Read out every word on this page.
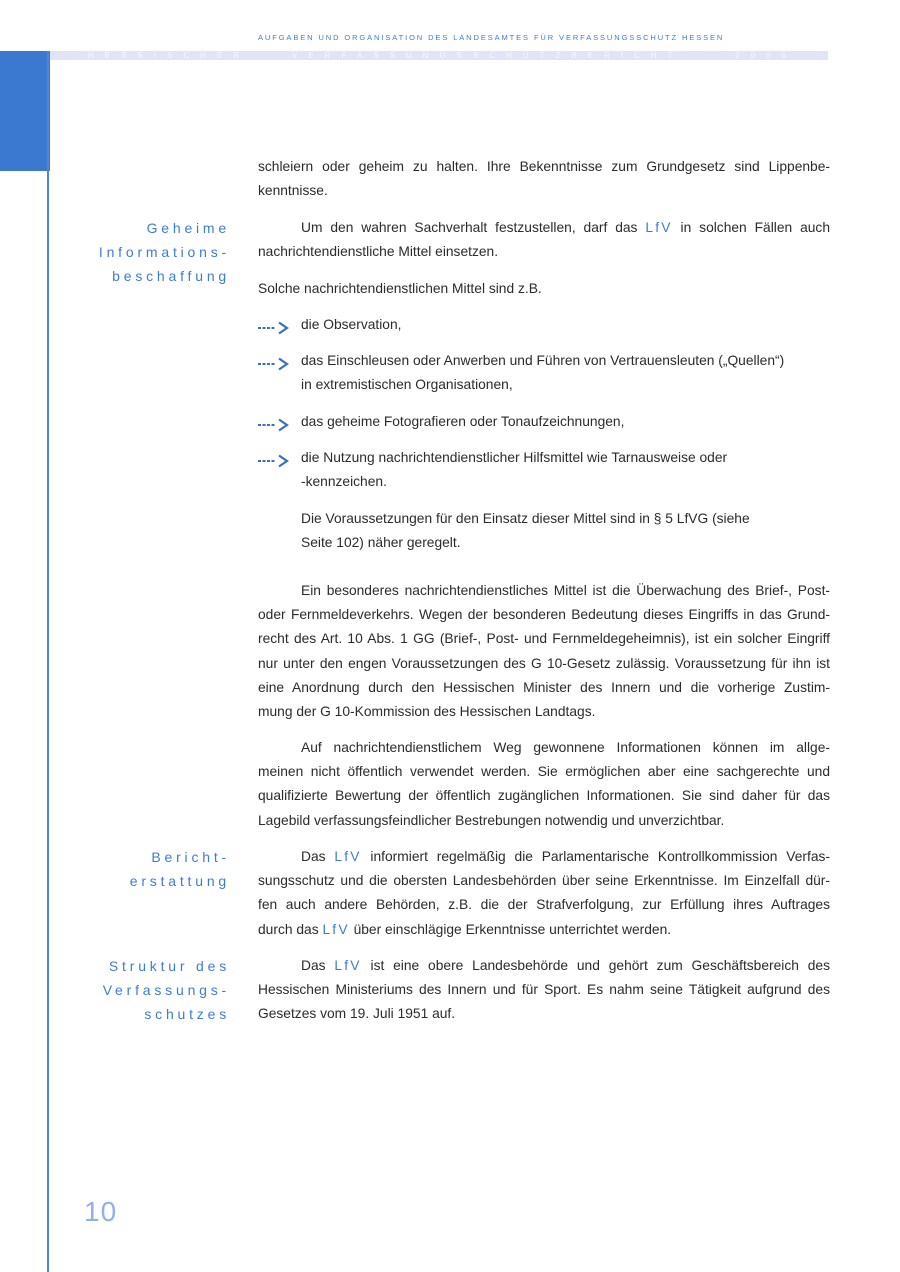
AUFGABEN UND ORGANISATION DES LANDESAMTES FÜR VERFASSUNGSSCHUTZ HESSEN
HESSISCHER	VERFASSUNGSSCHUTZBERICHT	2000
Geheime
Informations-
beschaffung
Bericht-
erstattung
Struktur des
Verfassungs-
schutzes
schleiern oder geheim zu halten. Ihre Bekenntnisse zum Grundgesetz sind Lippenbe-
kenntnisse.
Um den wahren Sachverhalt festzustellen, darf das LfV in solchen Fällen auch
nachrichtendienstliche Mittel einsetzen.
Solche nachrichtendienstlichen Mittel sind z.B.
die Observation,
das Einschleusen oder Anwerben und Führen von Vertrauensleuten („Quellen“)
in extremistischen Organisationen,
das geheime Fotografieren oder Tonaufzeichnungen,
die Nutzung nachrichtendienstlicher Hilfsmittel wie Tarnausweise oder
-kennzeichen.
Die Voraussetzungen für den Einsatz dieser Mittel sind in § 5 LfVG (siehe
Seite 102) näher geregelt.
Ein besonderes nachrichtendienstliches Mittel ist die Überwachung des Brief-, Post-
oder Fernmeldeverkehrs. Wegen der besonderen Bedeutung dieses Eingriffs in das Grund-
recht des Art. 10 Abs. 1 GG (Brief-, Post- und Fernmeldegeheimnis), ist ein solcher Eingriff
nur unter den engen Voraussetzungen des G 10-Gesetz zulässig. Voraussetzung für ihn ist
eine Anordnung durch den Hessischen Minister des Innern und die vorherige Zustim-
mung der G 10-Kommission des Hessischen Landtags.
Auf nachrichtendienstlichem Weg gewonnene Informationen können im allge-
meinen nicht öffentlich verwendet werden. Sie ermöglichen aber eine sachgerechte und
qualifizierte Bewertung der öffentlich zugänglichen Informationen. Sie sind daher für das
Lagebild verfassungsfeindlicher Bestrebungen notwendig und unverzichtbar.
Das LfV informiert regelmäßig die Parlamentarische Kontrollkommission Verfas-
sungsschutz und die obersten Landesbehörden über seine Erkenntnisse. Im Einzelfall dür-
fen auch andere Behörden, z.B. die der Strafverfolgung, zur Erfüllung ihres Auftrages
durch das LfV über einschlägige Erkenntnisse unterrichtet werden.
Das LfV ist eine obere Landesbehörde und gehört zum Geschäftsbereich des
Hessischen Ministeriums des Innern und für Sport. Es nahm seine Tätigkeit aufgrund des
Gesetzes vom 19. Juli 1951 auf.
10
